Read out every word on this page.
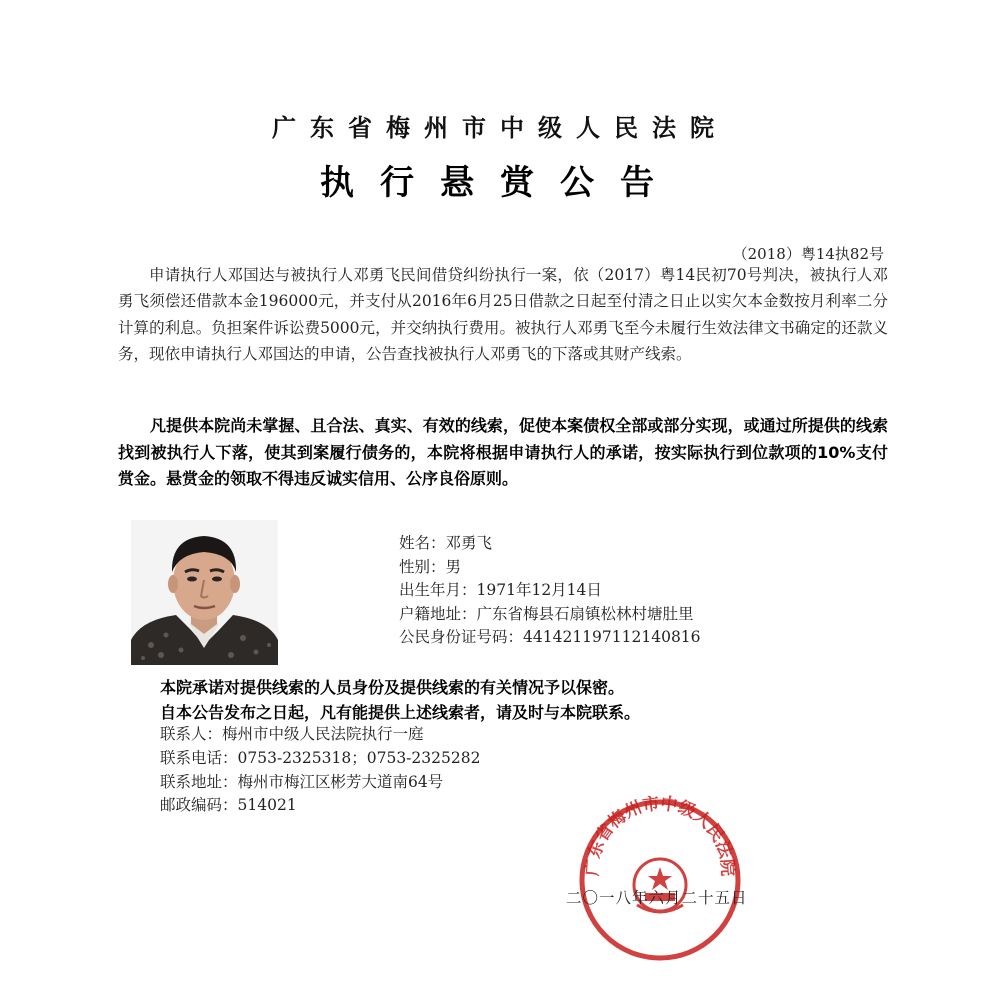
广东省梅州市中级人民法院
执行悬赏公告
（2018）粤14执82号
申请执行人邓国达与被执行人邓勇飞民间借贷纠纷执行一案，依（2017）粤14民初70号判决，被执行人邓勇飞须偿还借款本金196000元，并支付从2016年6月25日借款之日起至付清之日止以实欠本金数按月利率二分计算的利息。负担案件诉讼费5000元，并交纳执行费用。被执行人邓勇飞至今未履行生效法律文书确定的还款义务，现依申请执行人邓国达的申请，公告查找被执行人邓勇飞的下落或其财产线索。
凡提供本院尚未掌握、且合法、真实、有效的线索，促使本案债权全部或部分实现，或通过所提供的线索找到被执行人下落，使其到案履行债务的，本院将根据申请执行人的承诺，按实际执行到位款项的10%支付赏金。悬赏金的领取不得违反诚实信用、公序良俗原则。
姓名：邓勇飞
性别：男
出生年月：1971年12月14日
户籍地址：广东省梅县石扇镇松林村塘肚里
公民身份证号码：441421197112140816
本院承诺对提供线索的人员身份及提供线索的有关情况予以保密。
自本公告发布之日起，凡有能提供上述线索者，请及时与本院联系。
联系人：梅州市中级人民法院执行一庭
联系电话：0753-2325318；0753-2325282
联系地址：梅州市梅江区彬芳大道南64号
邮政编码：514021
广东省梅州市中级人民法院
二〇一八年六月二十五日
